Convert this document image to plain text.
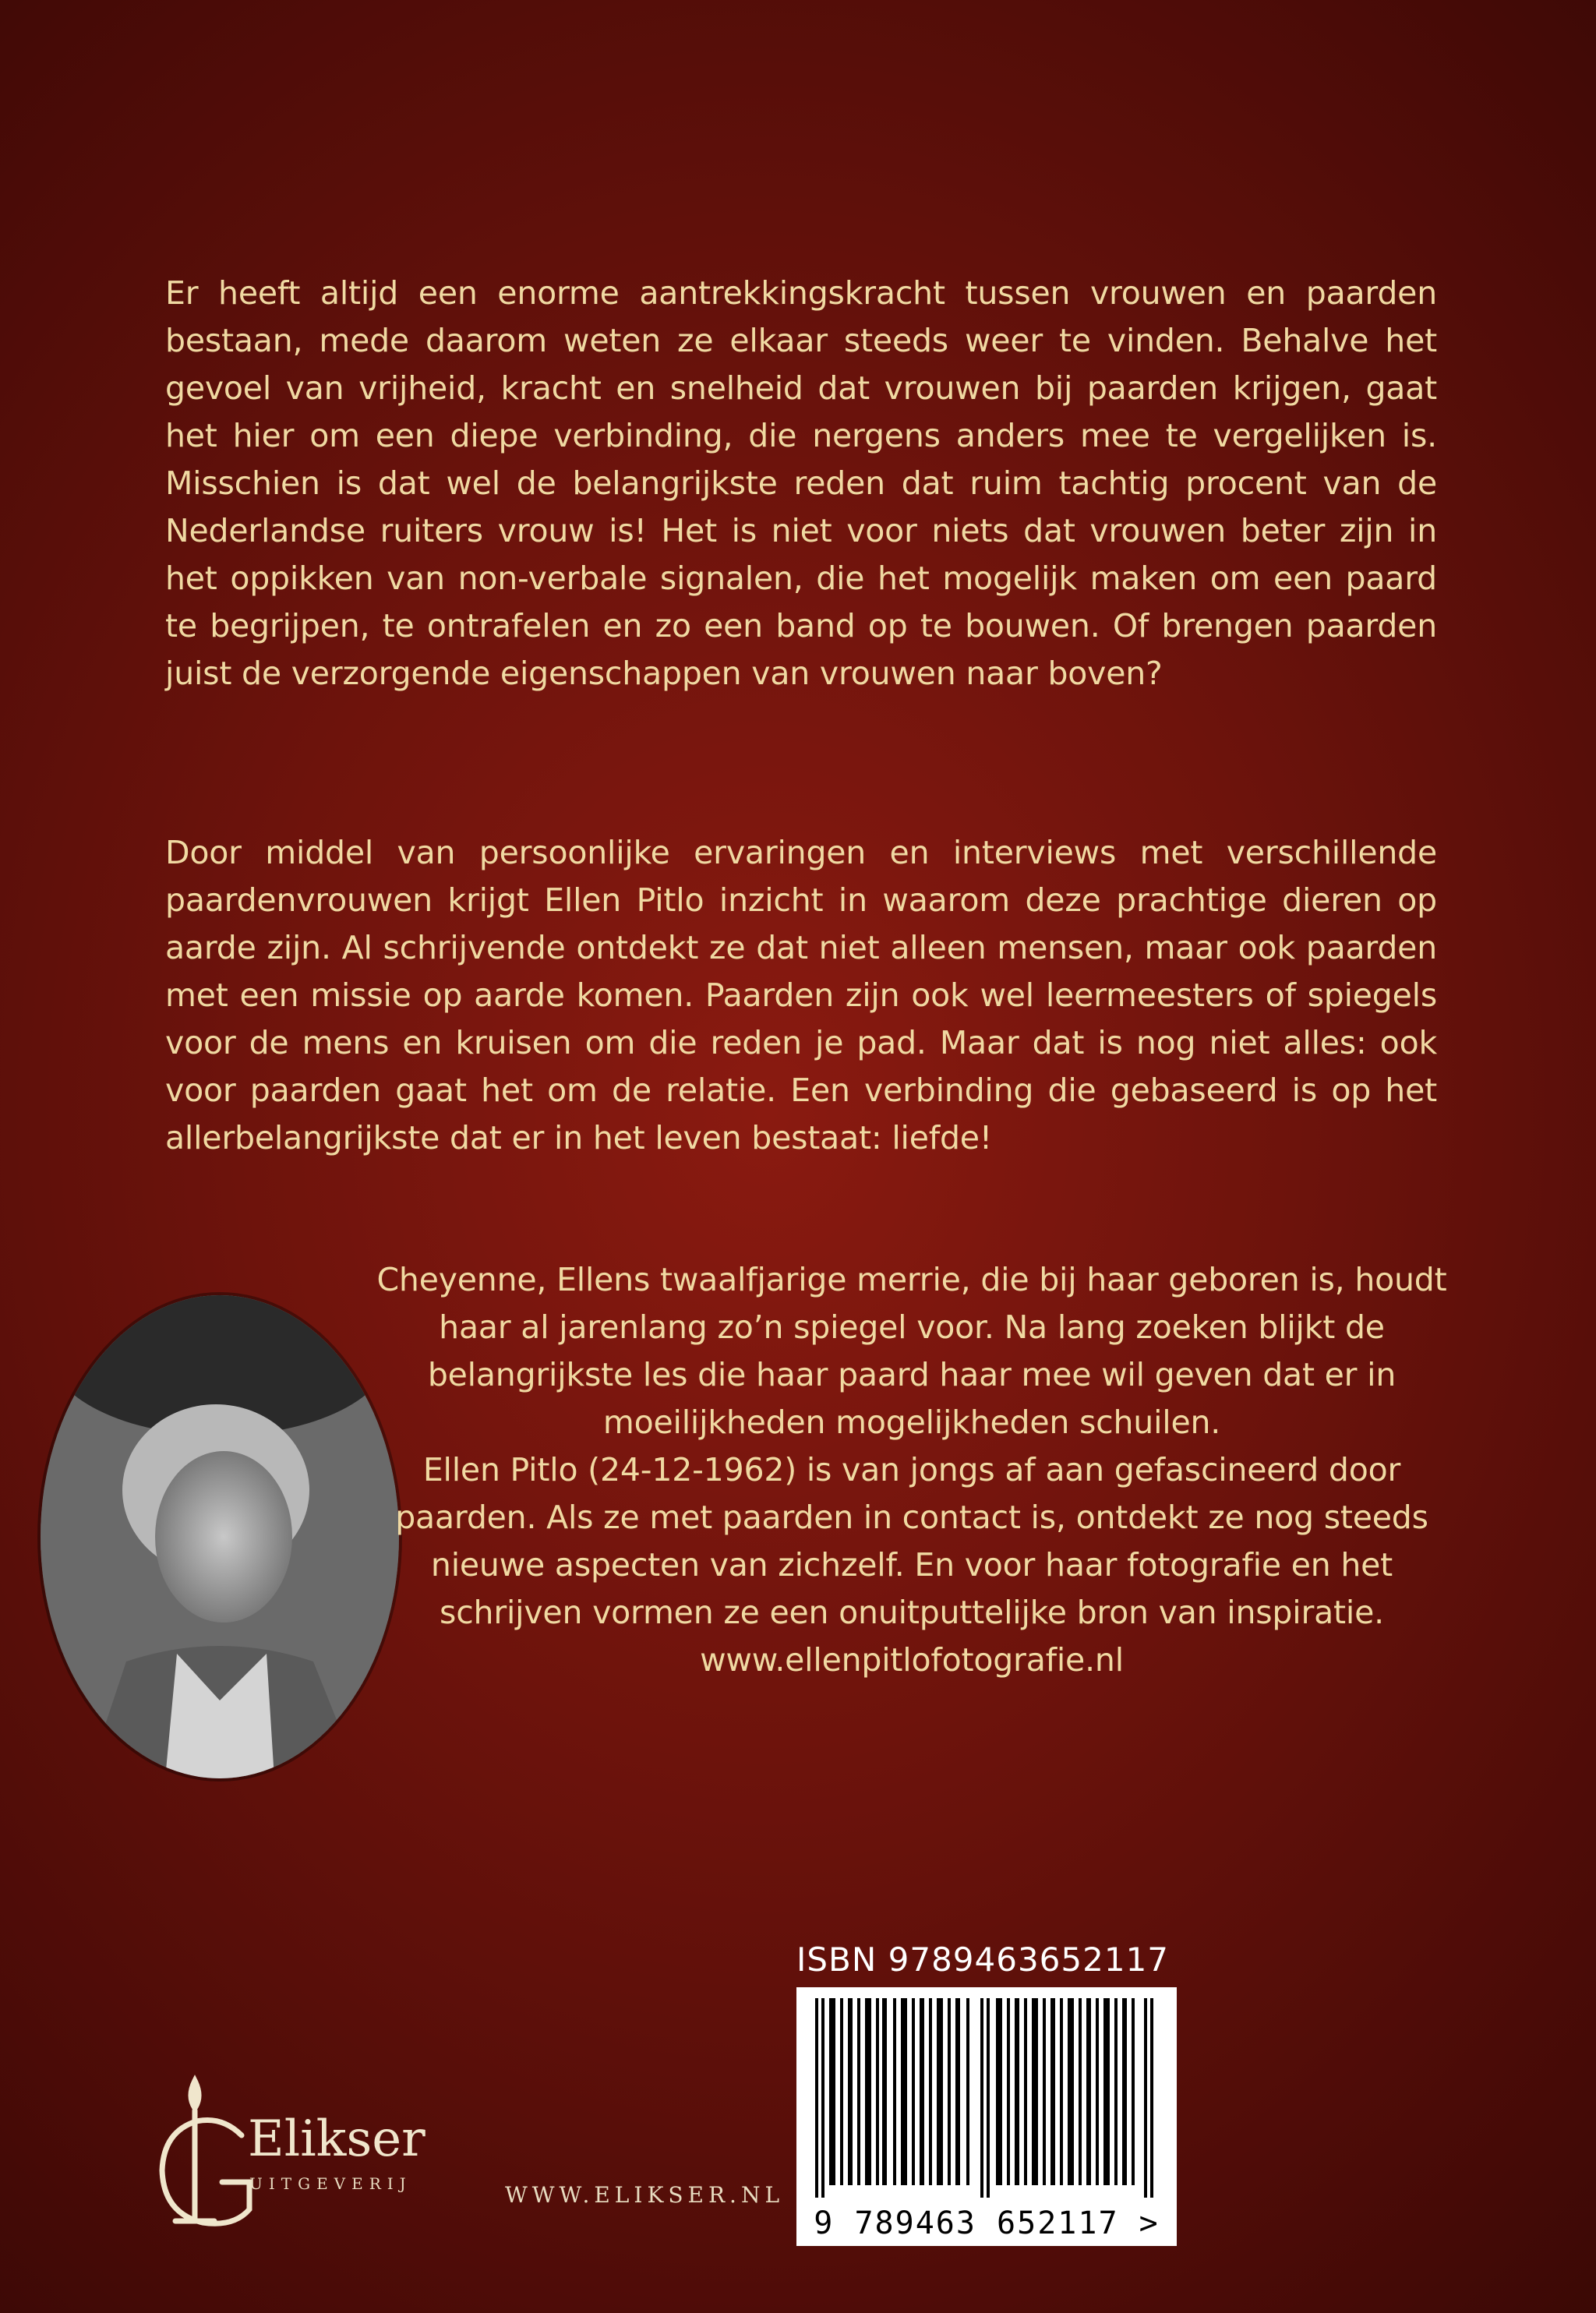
Er heeft altijd een enorme aantrekkingskracht tussen vrouwen en paarden bestaan, mede daarom weten ze elkaar steeds weer te vinden. Behalve het gevoel van vrijheid, kracht en snelheid dat vrouwen bij paarden krijgen, gaat het hier om een diepe verbinding, die nergens anders mee te vergelijken is. Misschien is dat wel de belangrijkste reden dat ruim tachtig procent van de Nederlandse ruiters vrouw is! Het is niet voor niets dat vrouwen beter zijn in het oppikken van non-verbale signalen, die het mogelijk maken om een paard te begrijpen, te ontrafelen en zo een band op te bouwen. Of brengen paarden juist de verzorgende eigenschappen van vrouwen naar boven?

Door middel van persoonlijke ervaringen en interviews met verschillende paardenvrouwen krijgt Ellen Pitlo inzicht in waarom deze prachtige dieren op aarde zijn. Al schrijvende ontdekt ze dat niet alleen mensen, maar ook paarden met een missie op aarde komen. Paarden zijn ook wel leermeesters of spiegels voor de mens en kruisen om die reden je pad. Maar dat is nog niet alles: ook voor paarden gaat het om de relatie. Een verbinding die gebaseerd is op het allerbelangrijkste dat er in het leven bestaat: liefde!

Cheyenne, Ellens twaalfjarige merrie, die bij haar geboren is, houdt haar al jarenlang zo’n spiegel voor. Na lang zoeken blijkt de belangrijkste les die haar paard haar mee wil geven dat er in moeilijkheden mogelijkheden schuilen.

Ellen Pitlo (24-12-1962) is van jongs af aan gefascineerd door paarden. Als ze met paarden in contact is, ontdekt ze nog steeds nieuwe aspecten van zichzelf. En voor haar fotografie en het schrijven vormen ze een onuitputtelijke bron van inspiratie. www.ellenpitlofotografie.nl

ISBN 9789463652117
9 789463 652117 >
Elikser
UITGEVERIJ	WWW.ELIKSER.NL
